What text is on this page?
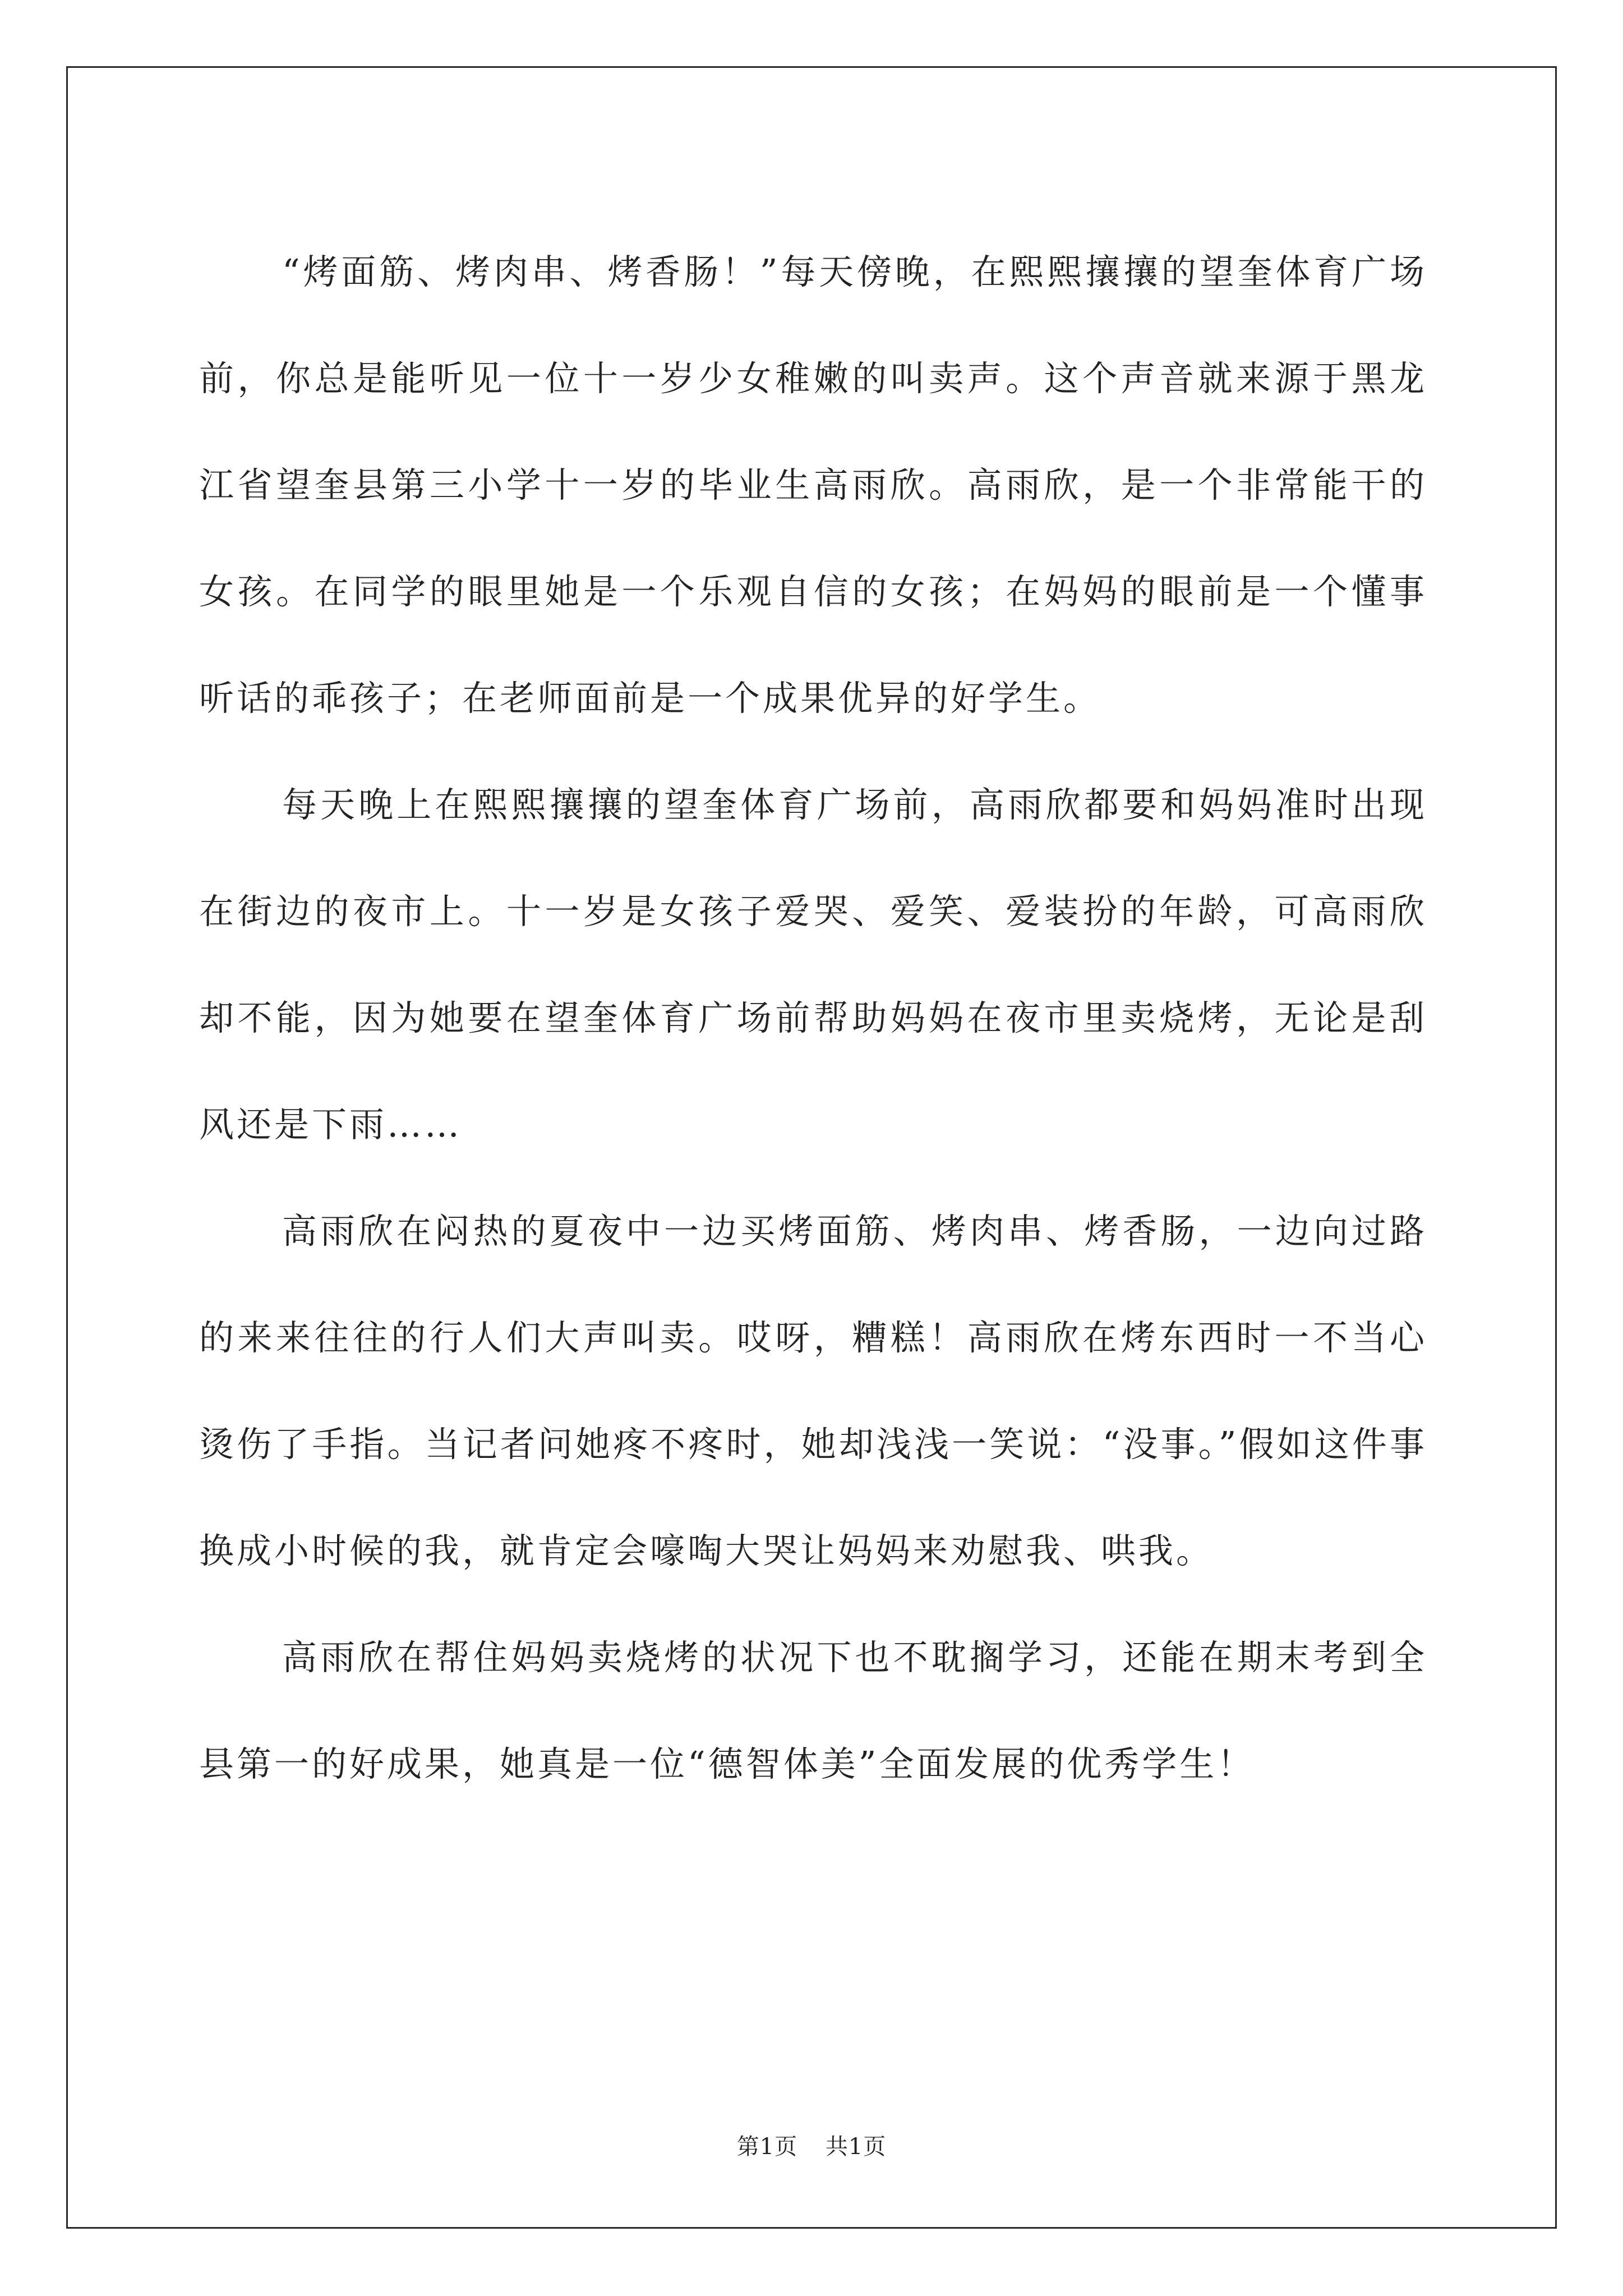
“烤面筋、烤肉串、烤香肠！”每天傍晚，在熙熙攘攘的望奎体育广场前，你总是能听见一位十一岁少女稚嫩的叫卖声。这个声音就来源于黑龙江省望奎县第三小学十一岁的毕业生高雨欣。高雨欣，是一个非常能干的女孩。在同学的眼里她是一个乐观自信的女孩；在妈妈的眼前是一个懂事听话的乖孩子；在老师面前是一个成果优异的好学生。

每天晚上在熙熙攘攘的望奎体育广场前，高雨欣都要和妈妈准时出现在街边的夜市上。十一岁是女孩子爱哭、爱笑、爱装扮的年龄，可高雨欣却不能，因为她要在望奎体育广场前帮助妈妈在夜市里卖烧烤，无论是刮风还是下雨……

高雨欣在闷热的夏夜中一边买烤面筋、烤肉串、烤香肠，一边向过路的来来往往的行人们大声叫卖。哎呀，糟糕！高雨欣在烤东西时一不当心烫伤了手指。当记者问她疼不疼时，她却浅浅一笑说：“没事。”假如这件事换成小时候的我，就肯定会嚎啕大哭让妈妈来劝慰我、哄我。

高雨欣在帮住妈妈卖烧烤的状况下也不耽搁学习，还能在期末考到全县第一的好成果，她真是一位“德智体美”全面发展的优秀学生！

第1页 共1页
